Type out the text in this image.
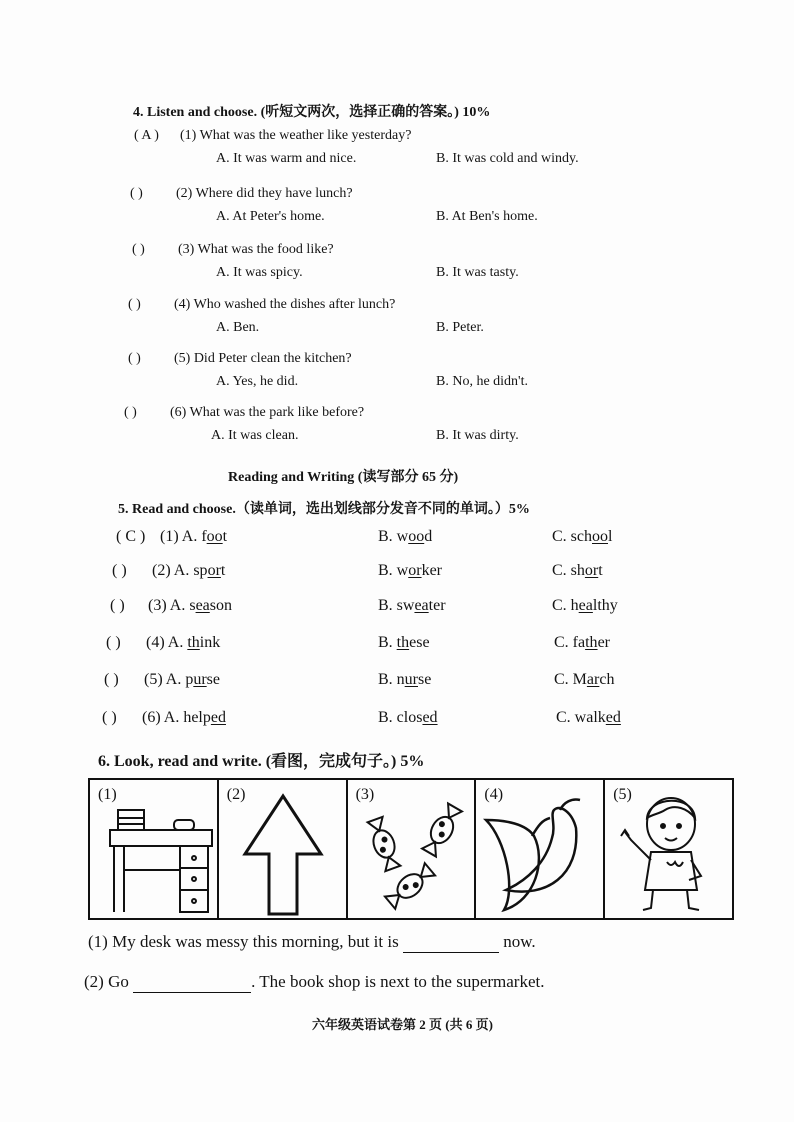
4. Listen and choose. (听短文两次，选择正确的答案。) 10%
( A ) (1) What was the weather like yesterday?
A. It was warm and nice.	B. It was cold and windy.
( ) (2) Where did they have lunch?
A. At Peter's home.	B. At Ben's home.
( ) (3) What was the food like?
A. It was spicy.	B. It was tasty.
( ) (4) Who washed the dishes after lunch?
A. Ben.	B. Peter.
( ) (5) Did Peter clean the kitchen?
A. Yes, he did.	B. No, he didn't.
( ) (6) What was the park like before?
A. It was clean.	B. It was dirty.
Reading and Writing (读写部分 65 分)
5. Read and choose.（读单词，选出划线部分发音不同的单词。）5%
( C ) (1) A. foot	B. wood	C. school
( ) (2) A. sport	B. worker	C. short
( ) (3) A. season	B. sweater	C. healthy
( ) (4) A. think	B. these	C. father
( ) (5) A. purse	B. nurse	C. March
( ) (6) A. helped	B. closed	C. walked
6. Look, read and write. (看图，完成句子。) 5%
(1)	(2)	(3)	(4)	(5)
(1) My desk was messy this morning, but it is	now.
(2) Go	. The book shop is next to the supermarket.
六年级英语试卷第 2 页 (共 6 页)
